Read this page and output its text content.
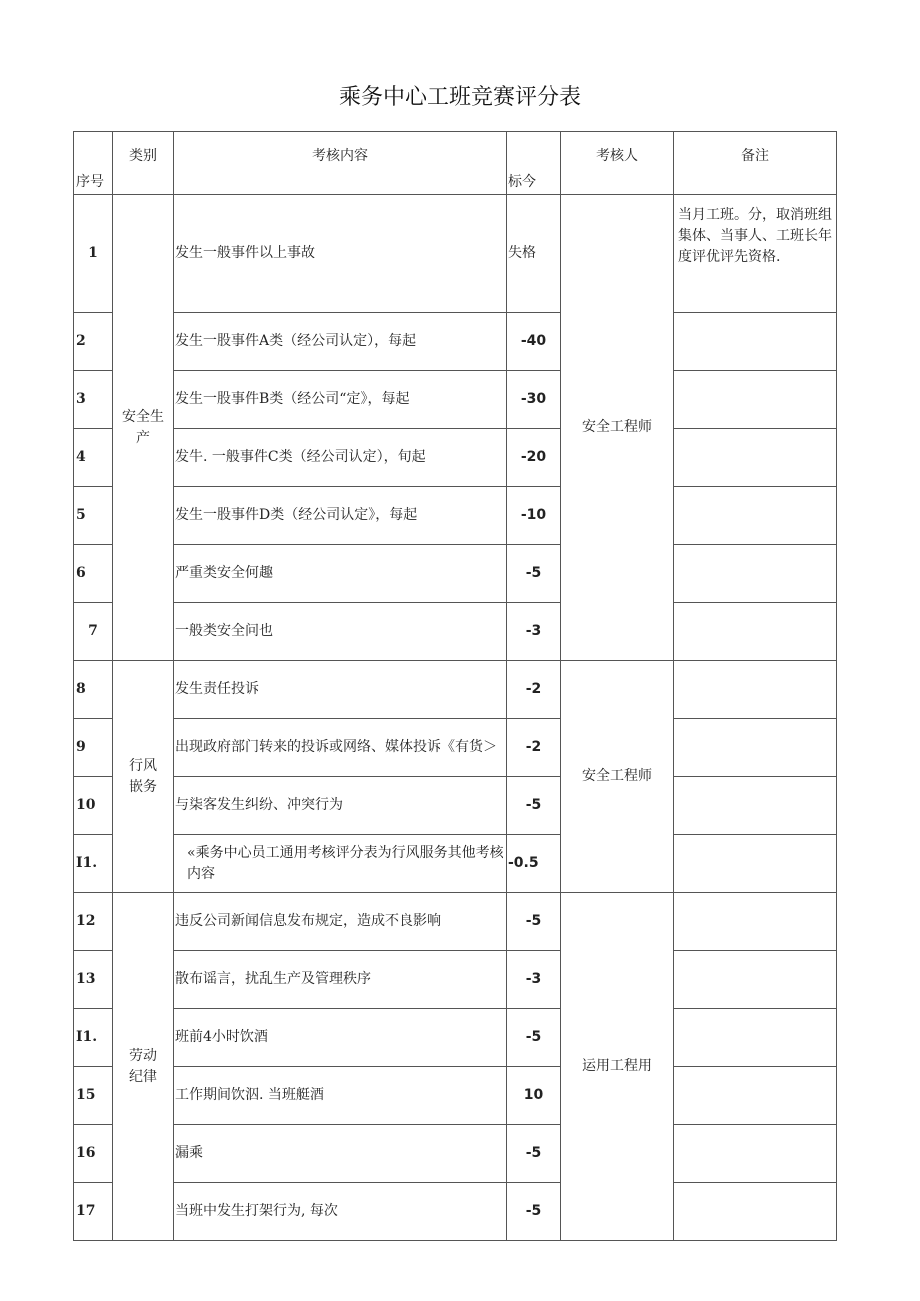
乘务中心工班竞赛评分表
序号	类别	考核内容	标今	考核人	备注
1	安全生产	发生一般事件以上事故	失格	安全工程师	当月工班。分，取消班组集体、当事人、工班长年度评优评先资格.
2		发生一股事件A类（经公司认定），每起	-40		
3		发生一股事件B类（经公司“定》，每起	-30		
4		发牛. 一般事件C类（经公司认定），旬起	-20		
5		发生一股事件D类（经公司认定》，每起	-10		
6		严重类安全何趣	-5		
7		一般类安全问也	-3		
8	行风嵌务	发生责任投诉	-2	安全工程师	
9		出现政府部门转来的投诉或网络、媒体投诉《有货＞	-2		
10		与柒客发生纠纷、冲突行为	-5		
I1.		«乘务中心员工通用考核评分表为行风服务其他考核内容	-0.5		
12	劳动纪律	违反公司新闻信息发布规定，造成不良影响	-5	运用工程用	
13		散布谣言，扰乱生产及管理秩序	-3		
I1.		班前4小时饮酒	-5		
15		工作期间饮泅. 当班艇酒	10		
16		漏乘	-5		
17		当班中发生打架行为, 每次	-5		
